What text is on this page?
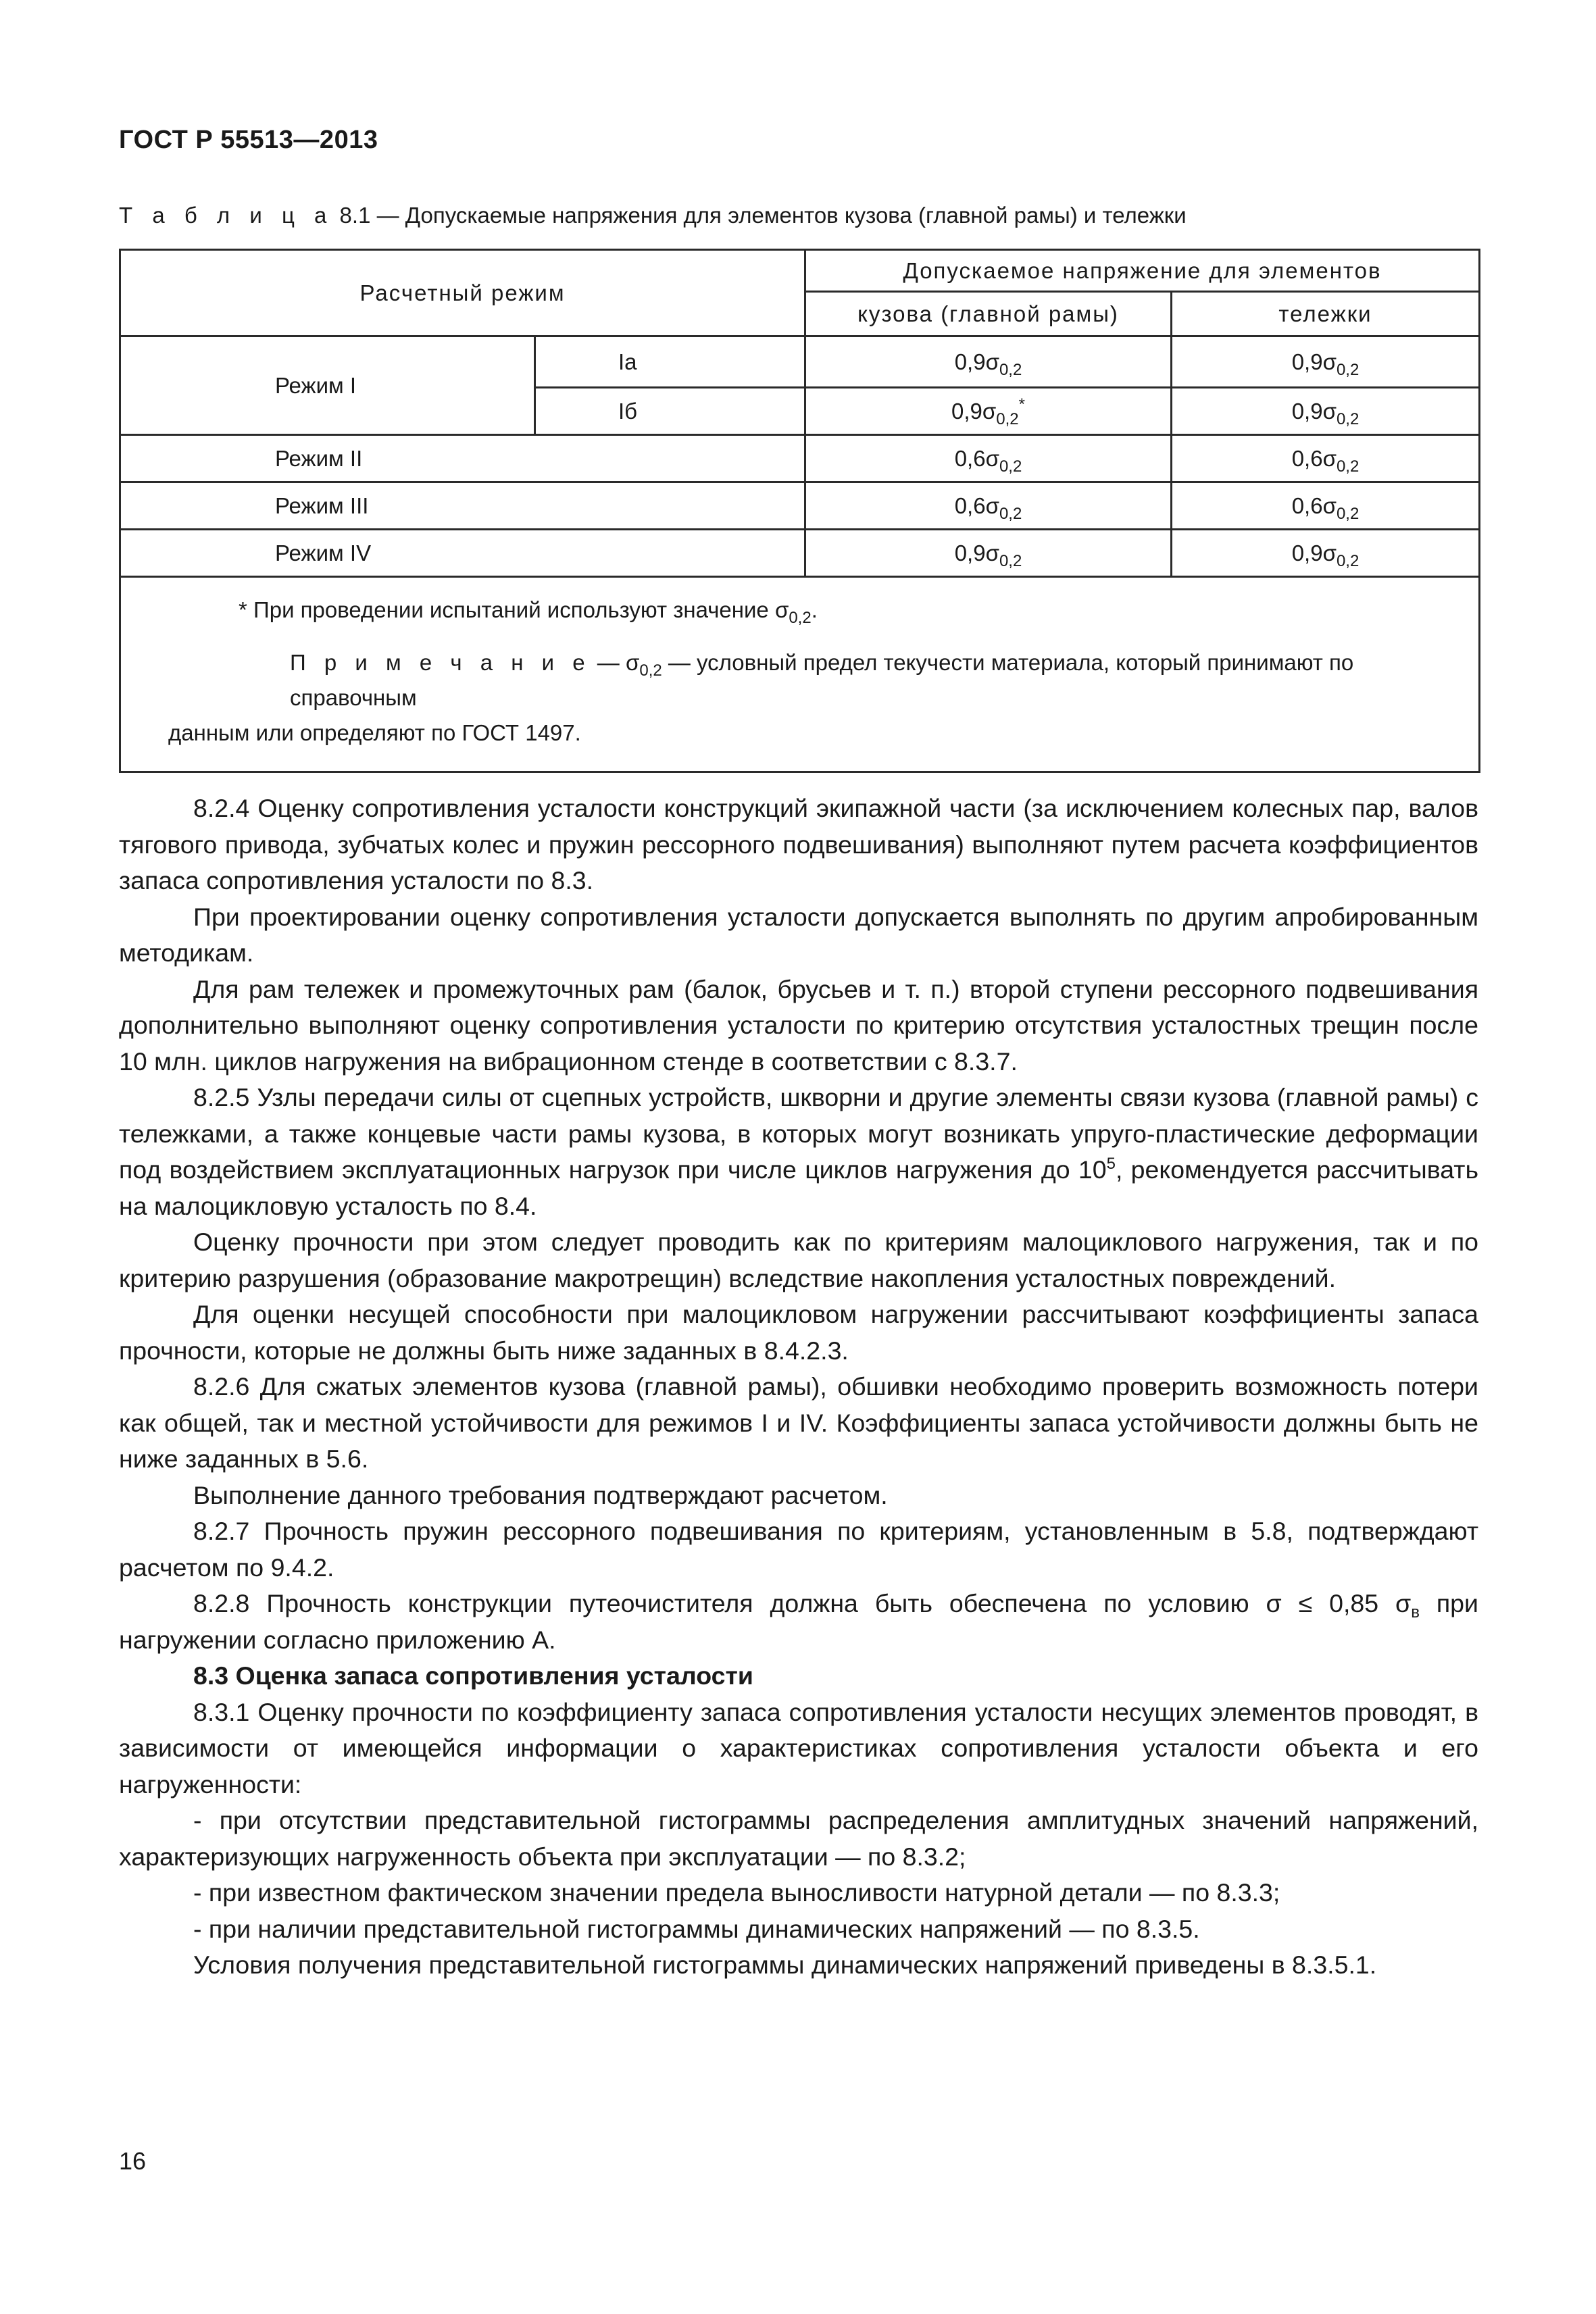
ГОСТ Р 55513—2013
Т а б л и ц а 8.1 — Допускаемые напряжения для элементов кузова (главной рамы) и тележки
Расчетный режим		Допускаемое напряжение для элементов	
		кузова (главной рамы)	тележки
Режим I	Iа	$0,9\sigma_{0,2}$	$0,9\sigma_{0,2}$
	Iб	$0,9\sigma_{0,2}^*$	$0,9\sigma_{0,2}$
Режим II		$0,6\sigma_{0,2}$	$0,6\sigma_{0,2}$
Режим III		$0,6\sigma_{0,2}$	$0,6\sigma_{0,2}$
Режим IV		$0,9\sigma_{0,2}$	$0,9\sigma_{0,2}$

* При проведении испытаний используют значение $\sigma_{0,2}$.
П р и м е ч а н и е — $\sigma_{0,2}$ — условный предел текучести материала, который принимают по справочным
данным или определяют по ГОСТ 1497.			

8.2.4 Оценку сопротивления усталости конструкций экипажной части (за исключением колесных пар, валов тягового привода, зубчатых колес и пружин рессорного подвешивания) выполняют путем расчета коэффициентов запаса сопротивления усталости по 8.3.

При проектировании оценку сопротивления усталости допускается выполнять по другим апробированным методикам.

Для рам тележек и промежуточных рам (балок, брусьев и т. п.) второй ступени рессорного подвешивания дополнительно выполняют оценку сопротивления усталости по критерию отсутствия усталостных трещин после 10 млн. циклов нагружения на вибрационном стенде в соответствии с 8.3.7.

8.2.5 Узлы передачи силы от сцепных устройств, шкворни и другие элементы связи кузова (главной рамы) с тележками, а также концевые части рамы кузова, в которых могут возникать упруго-пластические деформации под воздействием эксплуатационных нагрузок при числе циклов нагружения до $10^5$, рекомендуется рассчитывать на малоцикловую усталость по 8.4.

Оценку прочности при этом следует проводить как по критериям малоциклового нагружения, так и по критерию разрушения (образование макротрещин) вследствие накопления усталостных повреждений.

Для оценки несущей способности при малоцикловом нагружении рассчитывают коэффициенты запаса прочности, которые не должны быть ниже заданных в 8.4.2.3.

8.2.6 Для сжатых элементов кузова (главной рамы), обшивки необходимо проверить возможность потери как общей, так и местной устойчивости для режимов I и IV. Коэффициенты запаса устойчивости должны быть не ниже заданных в 5.6.

Выполнение данного требования подтверждают расчетом.

8.2.7 Прочность пружин рессорного подвешивания по критериям, установленным в 5.8, подтверждают расчетом по 9.4.2.

8.2.8 Прочность конструкции путеочистителя должна быть обеспечена по условию σ ≤ 0,85 $\sigma_в$ при нагружении согласно приложению А.

8.3 Оценка запаса сопротивления усталости

8.3.1 Оценку прочности по коэффициенту запаса сопротивления усталости несущих элементов проводят, в зависимости от имеющейся информации о характеристиках сопротивления усталости объекта и его нагруженности:

- при отсутствии представительной гистограммы распределения амплитудных значений напряжений, характеризующих нагруженность объекта при эксплуатации — по 8.3.2;

- при известном фактическом значении предела выносливости натурной детали — по 8.3.3;

- при наличии представительной гистограммы динамических напряжений — по 8.3.5.

Условия получения представительной гистограммы динамических напряжений приведены в 8.3.5.1.

16
